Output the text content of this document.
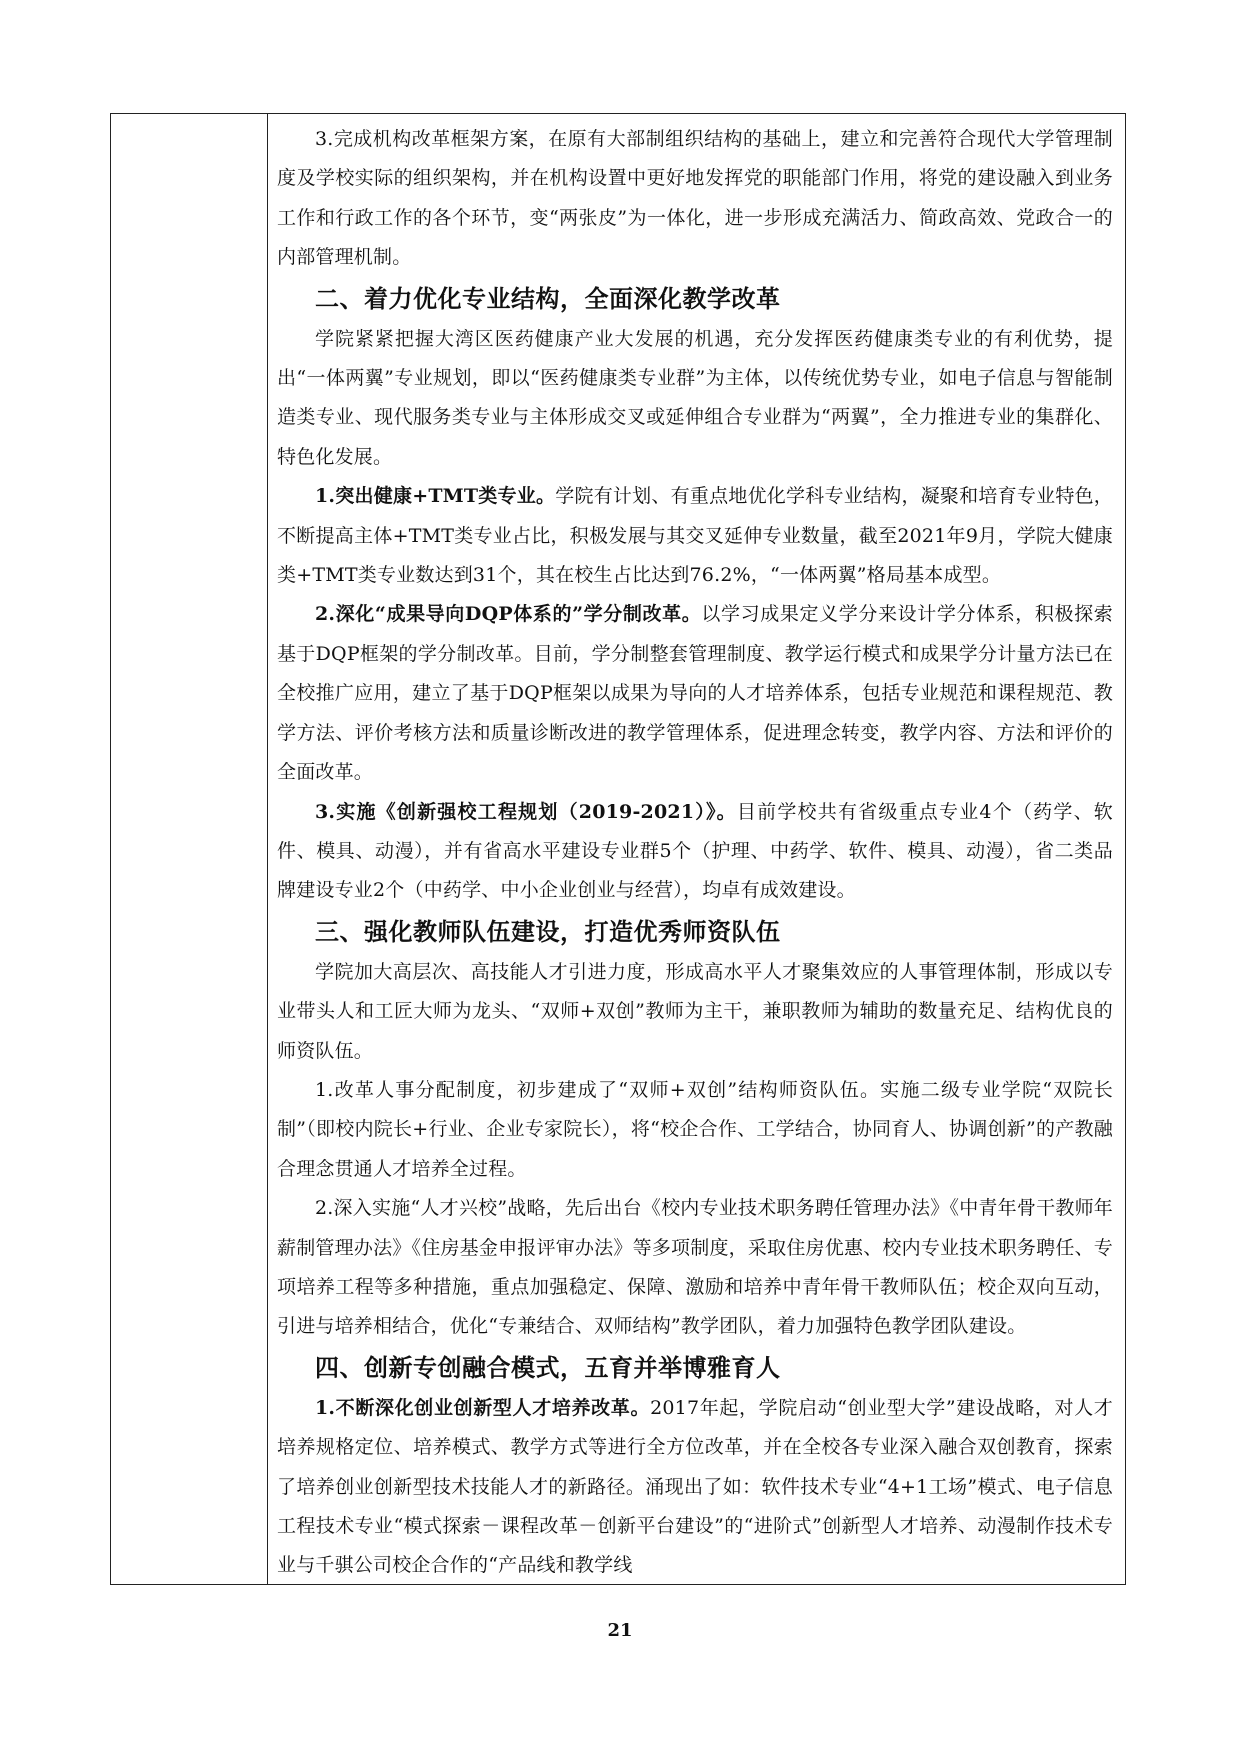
3.完成机构改革框架方案，在原有大部制组织结构的基础上，建立和完善符合现代大学管理制度及学校实际的组织架构，并在机构设置中更好地发挥党的职能部门作用，将党的建设融入到业务工作和行政工作的各个环节，变“两张皮”为一体化，进一步形成充满活力、简政高效、党政合一的内部管理机制。

二、着力优化专业结构，全面深化教学改革

学院紧紧把握大湾区医药健康产业大发展的机遇，充分发挥医药健康类专业的有利优势，提出“一体两翼”专业规划，即以“医药健康类专业群”为主体，以传统优势专业，如电子信息与智能制造类专业、现代服务类专业与主体形成交叉或延伸组合专业群为“两翼”，全力推进专业的集群化、特色化发展。

1.突出健康+TMT类专业。学院有计划、有重点地优化学科专业结构，凝聚和培育专业特色，不断提高主体+TMT类专业占比，积极发展与其交叉延伸专业数量，截至2021年9月，学院大健康类+TMT类专业数达到31个，其在校生占比达到76.2%，“一体两翼”格局基本成型。

2.深化“成果导向DQP体系的”学分制改革。以学习成果定义学分来设计学分体系，积极探索基于DQP框架的学分制改革。目前，学分制整套管理制度、教学运行模式和成果学分计量方法已在全校推广应用，建立了基于DQP框架以成果为导向的人才培养体系，包括专业规范和课程规范、教学方法、评价考核方法和质量诊断改进的教学管理体系，促进理念转变，教学内容、方法和评价的全面改革。

3.实施《创新强校工程规划（2019-2021）》。目前学校共有省级重点专业4个（药学、软件、模具、动漫），并有省高水平建设专业群5个（护理、中药学、软件、模具、动漫），省二类品牌建设专业2个（中药学、中小企业创业与经营），均卓有成效建设。

三、强化教师队伍建设，打造优秀师资队伍

学院加大高层次、高技能人才引进力度，形成高水平人才聚集效应的人事管理体制，形成以专业带头人和工匠大师为龙头、“双师+双创”教师为主干，兼职教师为辅助的数量充足、结构优良的师资队伍。

1.改革人事分配制度，初步建成了“双师+双创”结构师资队伍。实施二级专业学院“双院长制”（即校内院长+行业、企业专家院长），将“校企合作、工学结合，协同育人、协调创新”的产教融合理念贯通人才培养全过程。

2.深入实施“人才兴校”战略，先后出台《校内专业技术职务聘任管理办法》《中青年骨干教师年薪制管理办法》《住房基金申报评审办法》等多项制度，采取住房优惠、校内专业技术职务聘任、专项培养工程等多种措施，重点加强稳定、保障、激励和培养中青年骨干教师队伍；校企双向互动，引进与培养相结合，优化“专兼结合、双师结构”教学团队，着力加强特色教学团队建设。

四、创新专创融合模式，五育并举博雅育人

1.不断深化创业创新型人才培养改革。2017年起，学院启动“创业型大学”建设战略，对人才培养规格定位、培养模式、教学方式等进行全方位改革，并在全校各专业深入融合双创教育，探索了培养创业创新型技术技能人才的新路径。涌现出了如：软件技术专业“4+1工场”模式、电子信息工程技术专业“模式探索－课程改革－创新平台建设”的“进阶式”创新型人才培养、动漫制作技术专业与千骐公司校企合作的“产品线和教学线

21
